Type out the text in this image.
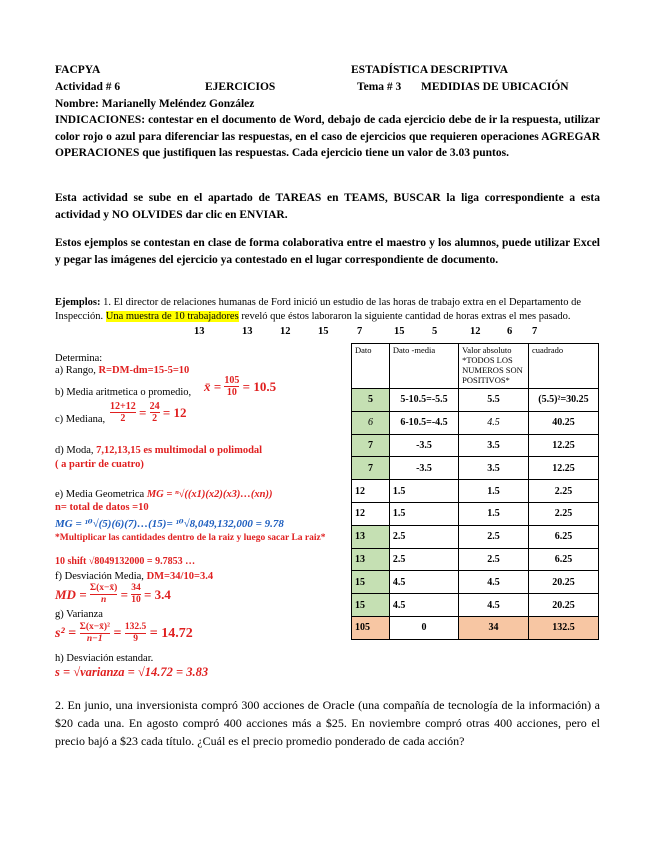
FACPYA	ESTADÍSTICA DESCRIPTIVA
Actividad # 6	EJERCICIOS	Tema # 3 MEDIDIAS DE UBICACIÓN
Nombre: Marianelly Meléndez González
INDICACIONES: contestar en el documento de Word, debajo de cada ejercicio debe de ir la respuesta, utilizar color rojo o azul para diferenciar las respuestas, en el caso de ejercicios que requieren operaciones AGREGAR OPERACIONES que justifiquen las respuestas. Cada ejercicio tiene un valor de 3.03 puntos.
Esta actividad se sube en el apartado de TAREAS en TEAMS, BUSCAR la liga correspondiente a esta actividad y NO OLVIDES dar clic en ENVIAR.
Estos ejemplos se contestan en clase de forma colaborativa entre el maestro y los alumnos, puede utilizar Excel y pegar las imágenes del ejercicio ya contestado en el lugar correspondiente de documento.
Ejemplos: 1. El director de relaciones humanas de Ford inició un estudio de las horas de trabajo extra en el Departamento de Inspección. Una muestra de 10 trabajadores reveló que éstos laboraron la siguiente cantidad de horas extras el mes pasado.
13	13	12	15	7	15	5	12	6 7
Determina:
a) Rango, R=DM-dm=15-5=10
b) Media aritmetica o promedio, x̄ = $\frac{105}{10} = 10.5$
c) Mediana, $\frac{12+12}{2} = \frac{24}{2} = 12$
d) Moda, 7,12,13,15 es multimodal o polimodal
( a partir de cuatro)
e) Media Geometrica MG = ⁿ√((x1)(x2)(x3)…(xn))
n= total de datos =10
MG = ¹⁰√(5)(6)(7)…(15)= ¹⁰√8,049,132,000 = 9.78
*Multiplicar las cantidades dentro de la raiz y luego sacar La raiz*
10 shift √8049132000 = 9.7853 …
f) Desviación Media, DM=34/10=3.4
MD = $\frac{\Sigma(x-x̄)}{n} = \frac{34}{10} = 3.4$
g) Varianza
$s^2 = \frac{\text{Σ(x−x̄)²}}{n-1} = \frac{132.5}{9} = 14.72$
h) Desviación estandar.
s = √varianza = √14.72 = 3.83
Dato	Dato -media	Valor absoluto *TODOS LOS NUMEROS SON POSITIVOS*	cuadrado
5	5-10.5=-5.5	5.5	(5.5)²=30.25
6	6-10.5=-4.5	4.5	40.25
7	-3.5	3.5	12.25
7	-3.5	3.5	12.25
12	1.5	1.5	2.25
12	1.5	1.5	2.25
13	2.5	2.5	6.25
13	2.5	2.5	6.25
15	4.5	4.5	20.25
15	4.5	4.5	20.25
105	0	34	132.5
2. En junio, una inversionista compró 300 acciones de Oracle (una compañía de tecnología de la información) a $20 cada una. En agosto compró 400 acciones más a $25. En noviembre compró otras 400 acciones, pero el precio bajó a $23 cada título. ¿Cuál es el precio promedio ponderado de cada acción?
